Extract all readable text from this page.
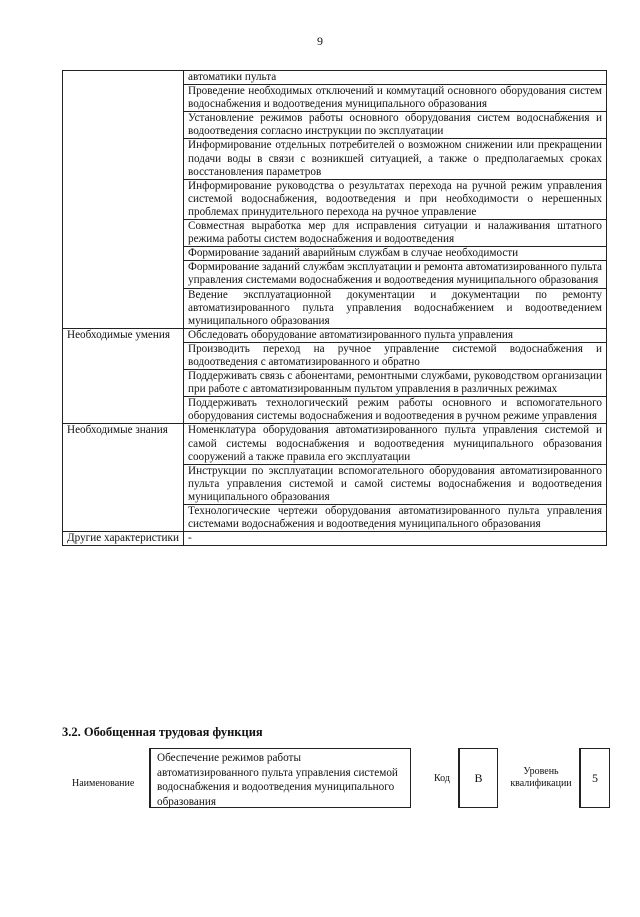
9
	автоматики пульта
	Проведение необходимых отключений и коммутаций основного оборудования систем водоснабжения и водоотведения муниципального образования
	Установление режимов работы основного оборудования систем водоснабжения и водоотведения согласно инструкции по эксплуатации
	Информирование отдельных потребителей о возможном снижении или прекращении подачи воды в связи с возникшей ситуацией, а также о предполагаемых сроках восстановления параметров
	Информирование руководства о результатах перехода на ручной режим управления системой водоснабжения, водоотведения и при необходимости о нерешенных проблемах принудительного перехода на ручное управление
	Совместная выработка мер для исправления ситуации и налаживания штатного режима работы систем водоснабжения и водоотведения
	Формирование заданий аварийным службам в случае необходимости
	Формирование заданий службам эксплуатации и ремонта автоматизированного пульта управления системами водоснабжения и водоотведения муниципального образования
	Ведение эксплуатационной документации и документации по ремонту автоматизированного пульта управления водоснабжением и водоотведением муниципального образования
Необходимые умения	Обследовать оборудование автоматизированного пульта управления
	Производить переход на ручное управление системой водоснабжения и водоотведения с автоматизированного и обратно
	Поддерживать связь с абонентами, ремонтными службами, руководством организации при работе с автоматизированным пультом управления в различных режимах
	Поддерживать технологический режим работы основного и вспомогательного оборудования системы водоснабжения и водоотведения в ручном режиме управления
Необходимые знания	Номенклатура оборудования автоматизированного пульта управления системой и самой системы водоснабжения и водоотведения муниципального образования сооружений а также правила его эксплуатации
	Инструкции по эксплуатации вспомогательного оборудования автоматизированного пульта управления системой и самой системы водоснабжения и водоотведения муниципального образования
	Технологические чертежи оборудования автоматизированного пульта управления системами водоснабжения и водоотведения муниципального образования
Другие характеристики	-
3.2. Обобщенная трудовая функция
Наименование
Обеспечение режимов работы автоматизированного пульта управления системой водоснабжения и водоотведения муниципального образования
Код	B	Уровень квалификации	5
